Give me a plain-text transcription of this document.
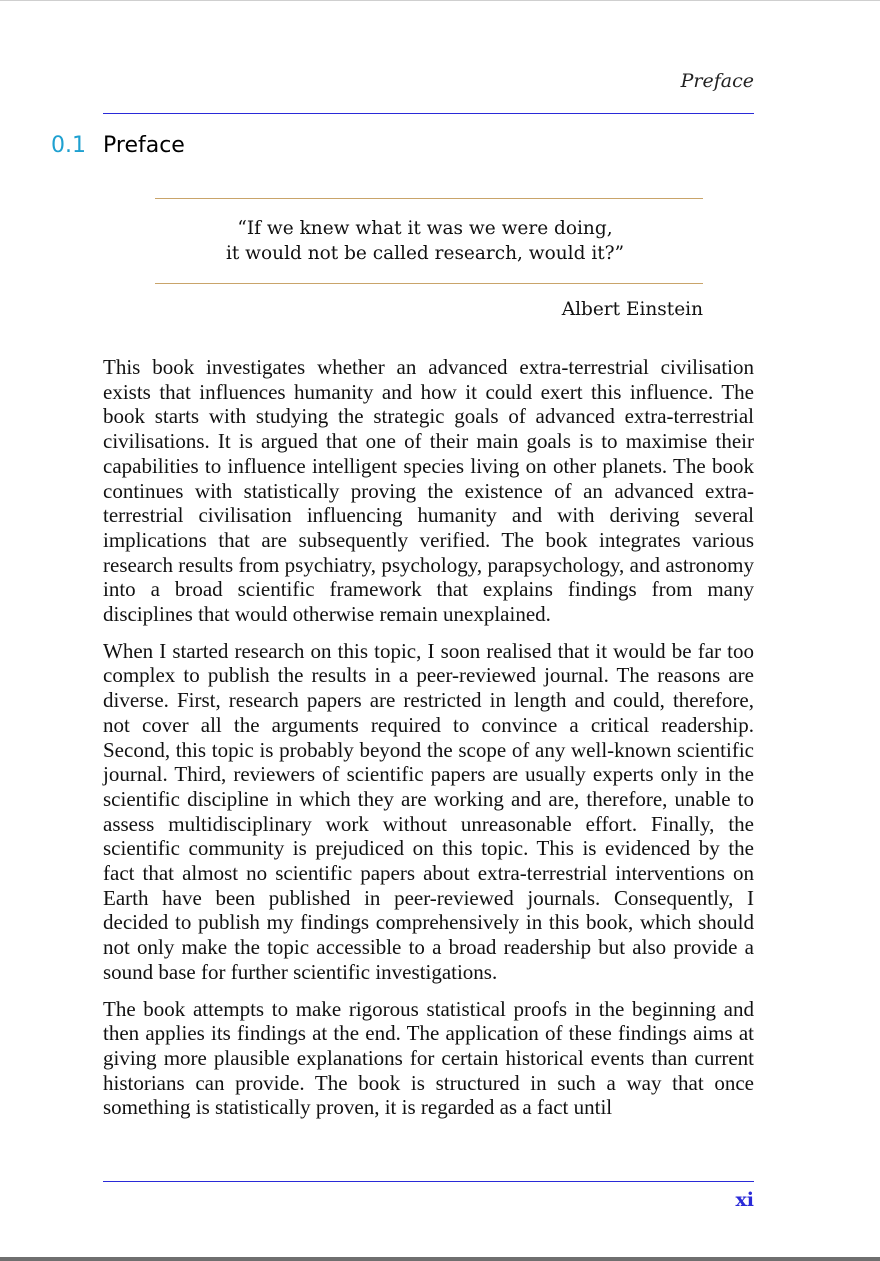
Preface
0.1 Preface
“If we knew what it was we were doing,
it would not be called research, would it?”
Albert Einstein

This book investigates whether an advanced extra-terrestrial civilisation exists that influences humanity and how it could exert this influence. The book starts with studying the strategic goals of advanced extra-terrestrial civilisations. It is argued that one of their main goals is to maximise their capabilities to influence intelligent species living on other planets. The book continues with statistically proving the existence of an advanced extra-terrestrial civilisation influencing humanity and with deriving several implications that are subsequently verified. The book integrates various research results from psychiatry, psychology, parapsychology, and astronomy into a broad scientific framework that explains findings from many disciplines that would otherwise remain unexplained.

When I started research on this topic, I soon realised that it would be far too complex to publish the results in a peer-reviewed journal. The reasons are diverse. First, research papers are restricted in length and could, therefore, not cover all the arguments required to convince a critical readership. Second, this topic is probably beyond the scope of any well-known scientific journal. Third, reviewers of scientific papers are usually experts only in the scientific discipline in which they are working and are, therefore, unable to assess multidisciplinary work without unreasonable effort. Finally, the scientific community is prejudiced on this topic. This is evidenced by the fact that almost no scientific papers about extra-terrestrial interventions on Earth have been published in peer-reviewed journals. Consequently, I decided to publish my findings comprehensively in this book, which should not only make the topic accessible to a broad readership but also provide a sound base for further scientific investigations.

The book attempts to make rigorous statistical proofs in the beginning and then applies its findings at the end. The application of these findings aims at giving more plausible explanations for certain historical events than current historians can provide. The book is structured in such a way that once something is statistically proven, it is regarded as a fact until

xi
